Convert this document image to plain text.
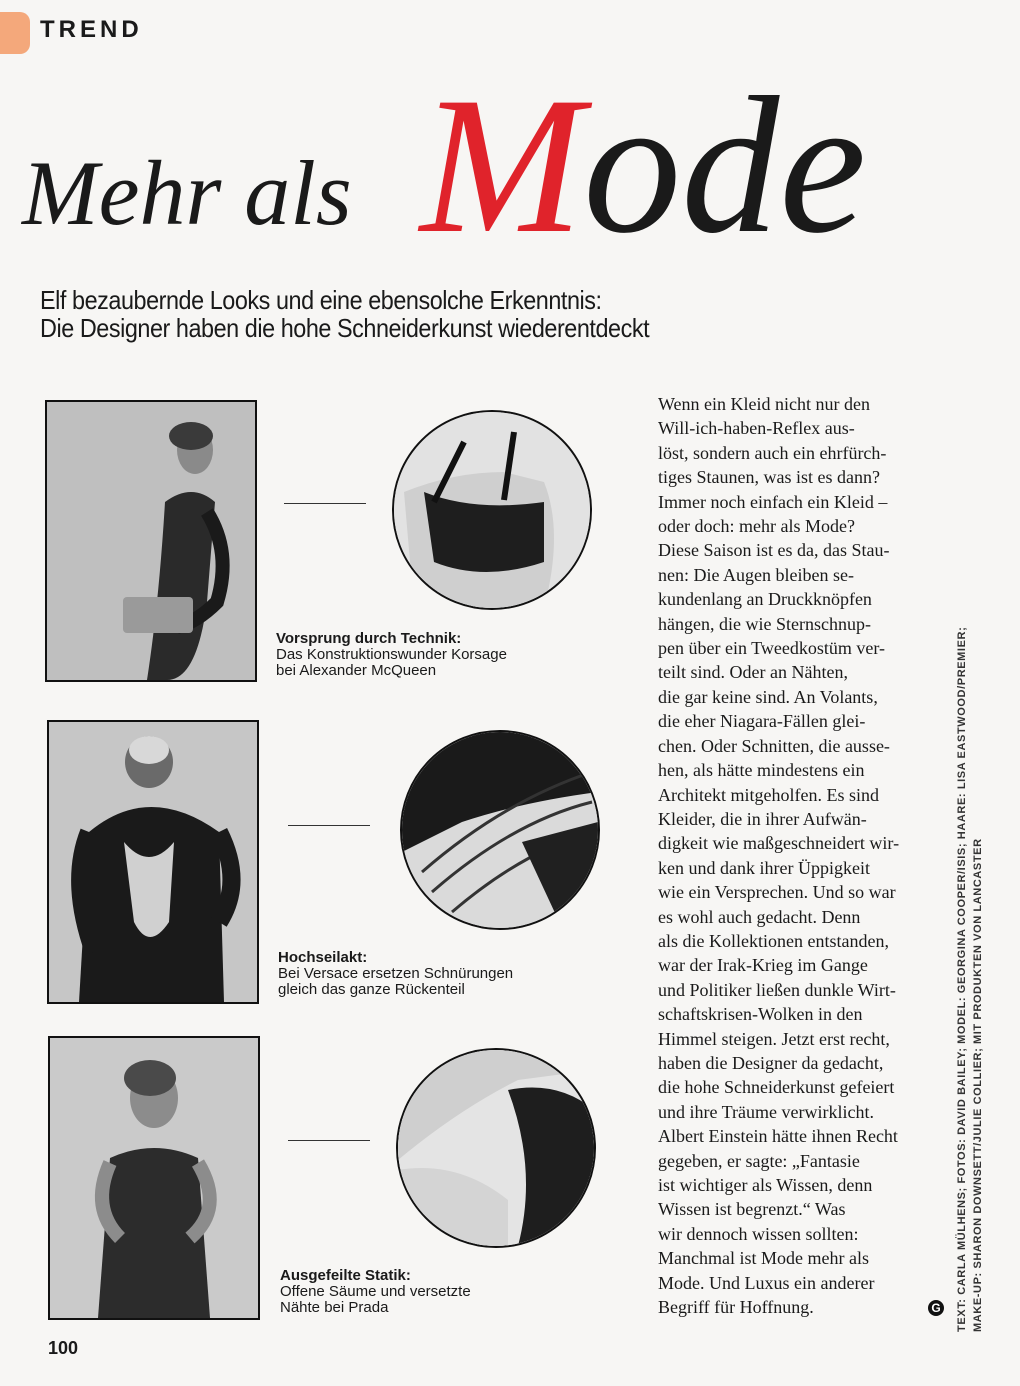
TREND
Mehr als Mode
Elf bezaubernde Looks und eine ebensolche Erkenntnis:
Die Designer haben die hohe Schneiderkunst wiederentdeckt
Vorsprung durch Technik:
Das Konstruktionswunder Korsage
bei Alexander McQueen
Hochseilakt:
Bei Versace ersetzen Schnürungen
gleich das ganze Rückenteil
Ausgefeilte Statik:
Offene Säume und versetzte
Nähte bei Prada
Wenn ein Kleid nicht nur den
Will-ich-haben-Reflex aus-
löst, sondern auch ein ehrfürch-
tiges Staunen, was ist es dann?
Immer noch einfach ein Kleid –
oder doch: mehr als Mode?
Diese Saison ist es da, das Stau-
nen: Die Augen bleiben se-
kundenlang an Druckknöpfen
hängen, die wie Sternschnup-
pen über ein Tweedkostüm ver-
teilt sind. Oder an Nähten,
die gar keine sind. An Volants,
die eher Niagara-Fällen glei-
chen. Oder Schnitten, die ausse-
hen, als hätte mindestens ein
Architekt mitgeholfen. Es sind
Kleider, die in ihrer Aufwän-
digkeit wie maßgeschneidert wir-
ken und dank ihrer Üppigkeit
wie ein Versprechen. Und so war
es wohl auch gedacht. Denn
als die Kollektionen entstanden,
war der Irak-Krieg im Gange
und Politiker ließen dunkle Wirt-
schaftskrisen-Wolken in den
Himmel steigen. Jetzt erst recht,
haben die Designer da gedacht,
die hohe Schneiderkunst gefeiert
und ihre Träume verwirklicht.
Albert Einstein hätte ihnen Recht
gegeben, er sagte: „Fantasie
ist wichtiger als Wissen, denn
Wissen ist begrenzt.“ Was
wir dennoch wissen sollten:
Manchmal ist Mode mehr als
Mode. Und Luxus ein anderer
Begriff für Hoffnung.	G	TEXT: CARLA MÜLHENS; FOTOS: DAVID BAILEY; MODEL: GEORGINA COOPER/ISIS; HAARE: LISA EASTWOOD/PREMIER; MAKE-UP: SHARON DOWNSETT/JULIE COLLIER; MIT PRODUKTEN VON LANCASTER
100
